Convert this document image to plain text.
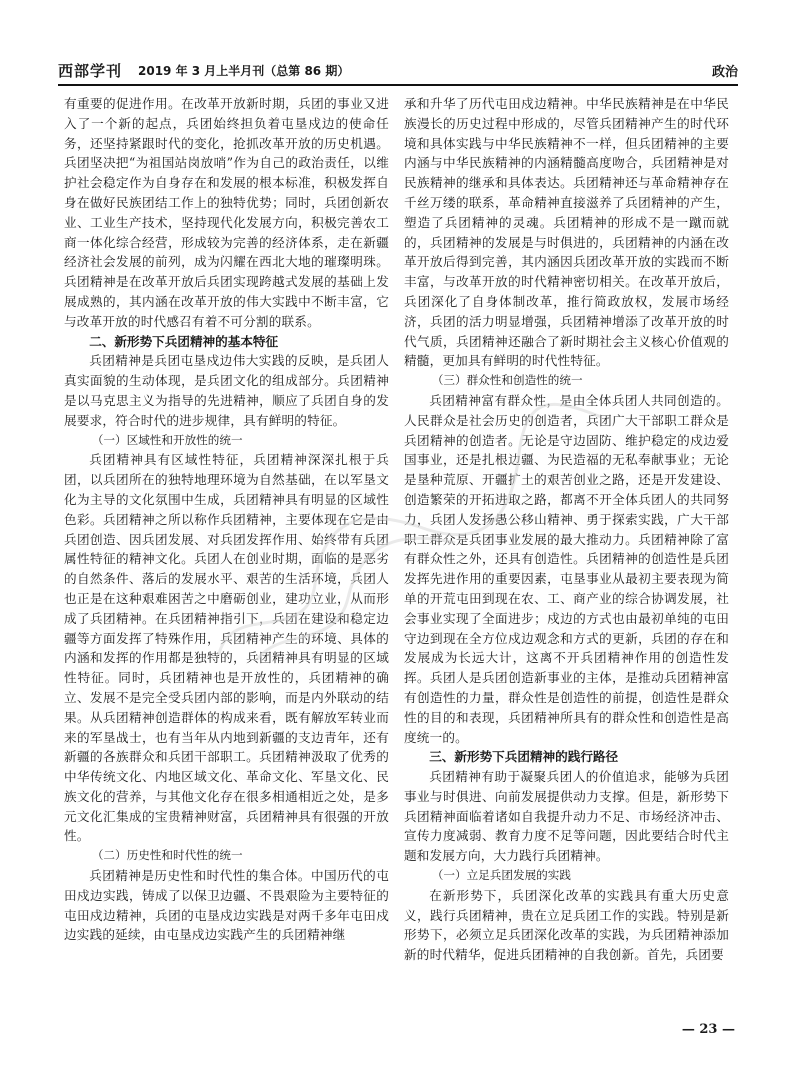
西部学刊 2019 年 3 月上半月刊（总第 86 期）	政治

有重要的促进作用。在改革开放新时期，兵团的事业又进入了一个新的起点，兵团始终担负着屯垦戍边的使命任务，还坚持紧跟时代的变化，抢抓改革开放的历史机遇。兵团坚决把“为祖国站岗放哨”作为自己的政治责任，以维护社会稳定作为自身存在和发展的根本标准，积极发挥自身在做好民族团结工作上的独特优势；同时，兵团创新农业、工业生产技术，坚持现代化发展方向，积极完善农工商一体化综合经营，形成较为完善的经济体系，走在新疆经济社会发展的前列，成为闪耀在西北大地的璀璨明珠。兵团精神是在改革开放后兵团实现跨越式发展的基础上发展成熟的，其内涵在改革开放的伟大实践中不断丰富，它与改革开放的时代感召有着不可分割的联系。

二、新形势下兵团精神的基本特征

兵团精神是兵团屯垦戍边伟大实践的反映，是兵团人真实面貌的生动体现，是兵团文化的组成部分。兵团精神是以马克思主义为指导的先进精神，顺应了兵团自身的发展要求，符合时代的进步规律，具有鲜明的特征。

（一）区域性和开放性的统一

兵团精神具有区域性特征，兵团精神深深扎根于兵团，以兵团所在的独特地理环境为自然基础，在以军垦文化为主导的文化氛围中生成，兵团精神具有明显的区域性色彩。兵团精神之所以称作兵团精神，主要体现在它是由兵团创造、因兵团发展、对兵团发挥作用、始终带有兵团属性特征的精神文化。兵团人在创业时期，面临的是恶劣的自然条件、落后的发展水平、艰苦的生活环境，兵团人也正是在这种艰难困苦之中磨砺创业，建功立业，从而形成了兵团精神。在兵团精神指引下，兵团在建设和稳定边疆等方面发挥了特殊作用，兵团精神产生的环境、具体的内涵和发挥的作用都是独特的，兵团精神具有明显的区域性特征。同时，兵团精神也是开放性的，兵团精神的确立、发展不是完全受兵团内部的影响，而是内外联动的结果。从兵团精神创造群体的构成来看，既有解放军转业而来的军垦战士，也有当年从内地到新疆的支边青年，还有新疆的各族群众和兵团干部职工。兵团精神汲取了优秀的中华传统文化、内地区域文化、革命文化、军垦文化、民族文化的营养，与其他文化存在很多相通相近之处，是多元文化汇集成的宝贵精神财富，兵团精神具有很强的开放性。

（二）历史性和时代性的统一

兵团精神是历史性和时代性的集合体。中国历代的屯田戍边实践，铸成了以保卫边疆、不畏艰险为主要特征的屯田戍边精神，兵团的屯垦戍边实践是对两千多年屯田戍边实践的延续，由屯垦戍边实践产生的兵团精神继

承和升华了历代屯田戍边精神。中华民族精神是在中华民族漫长的历史过程中形成的，尽管兵团精神产生的时代环境和具体实践与中华民族精神不一样，但兵团精神的主要内涵与中华民族精神的内涵精髓高度吻合，兵团精神是对民族精神的继承和具体表达。兵团精神还与革命精神存在千丝万缕的联系，革命精神直接滋养了兵团精神的产生，塑造了兵团精神的灵魂。兵团精神的形成不是一蹴而就的，兵团精神的发展是与时俱进的，兵团精神的内涵在改革开放后得到完善，其内涵因兵团改革开放的实践而不断丰富，与改革开放的时代精神密切相关。在改革开放后，兵团深化了自身体制改革，推行简政放权，发展市场经济，兵团的活力明显增强，兵团精神增添了改革开放的时代气质，兵团精神还融合了新时期社会主义核心价值观的精髓，更加具有鲜明的时代性特征。

（三）群众性和创造性的统一

兵团精神富有群众性，是由全体兵团人共同创造的。人民群众是社会历史的创造者，兵团广大干部职工群众是兵团精神的创造者。无论是守边固防、维护稳定的戍边爱国事业，还是扎根边疆、为民造福的无私奉献事业；无论是垦种荒原、开疆扩土的艰苦创业之路，还是开发建设、创造繁荣的开拓进取之路，都离不开全体兵团人的共同努力，兵团人发扬愚公移山精神、勇于探索实践，广大干部职工群众是兵团事业发展的最大推动力。兵团精神除了富有群众性之外，还具有创造性。兵团精神的创造性是兵团发挥先进作用的重要因素，屯垦事业从最初主要表现为简单的开荒屯田到现在农、工、商产业的综合协调发展，社会事业实现了全面进步；戍边的方式也由最初单纯的屯田守边到现在全方位戍边观念和方式的更新，兵团的存在和发展成为长远大计，这离不开兵团精神作用的创造性发挥。兵团人是兵团创造新事业的主体，是推动兵团精神富有创造性的力量，群众性是创造性的前提，创造性是群众性的目的和表现，兵团精神所具有的群众性和创造性是高度统一的。

三、新形势下兵团精神的践行路径

兵团精神有助于凝聚兵团人的价值追求，能够为兵团事业与时俱进、向前发展提供动力支撑。但是，新形势下兵团精神面临着诸如自我提升动力不足、市场经济冲击、宣传力度减弱、教育力度不足等问题，因此要结合时代主题和发展方向，大力践行兵团精神。

（一）立足兵团发展的实践

在新形势下，兵团深化改革的实践具有重大历史意义，践行兵团精神，贵在立足兵团工作的实践。特别是新形势下，必须立足兵团深化改革的实践，为兵团精神添加新的时代精华，促进兵团精神的自我创新。首先，兵团要

— 23 —
